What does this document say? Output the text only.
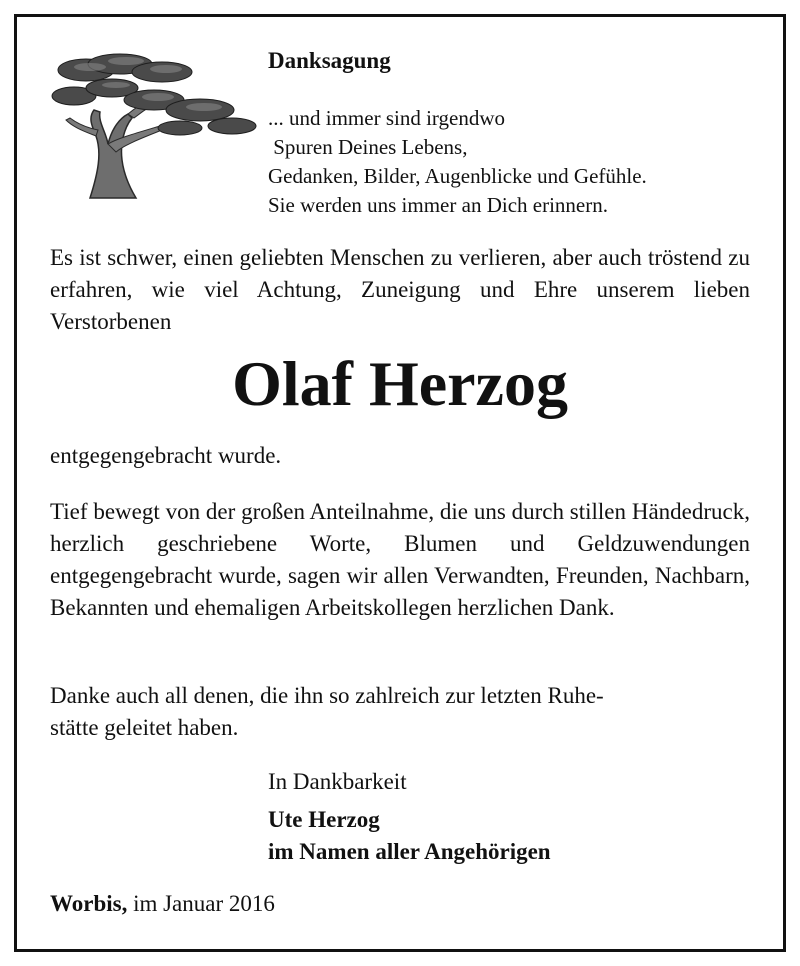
Danksagung
... und immer sind irgendwo
Spuren Deines Lebens,
Gedanken, Bilder, Augenblicke und Gefühle.
Sie werden uns immer an Dich erinnern.
Es ist schwer, einen geliebten Menschen zu verlieren, aber auch tröstend zu erfahren, wie viel Achtung, Zuneigung und Ehre unserem lieben Verstorbenen
Olaf Herzog
entgegengebracht wurde.
Tief bewegt von der großen Anteilnahme, die uns durch stillen Händedruck, herzlich geschriebene Worte, Blumen und Geldzuwendungen entgegengebracht wurde, sagen wir allen Verwandten, Freunden, Nachbarn, Bekannten und ehemaligen Arbeitskollegen herzlichen Dank.
Danke auch all denen, die ihn so zahlreich zur letzten Ruhe-
stätte geleitet haben.
In Dankbarkeit
Ute Herzog
im Namen aller Angehörigen
Worbis, im Januar 2016
